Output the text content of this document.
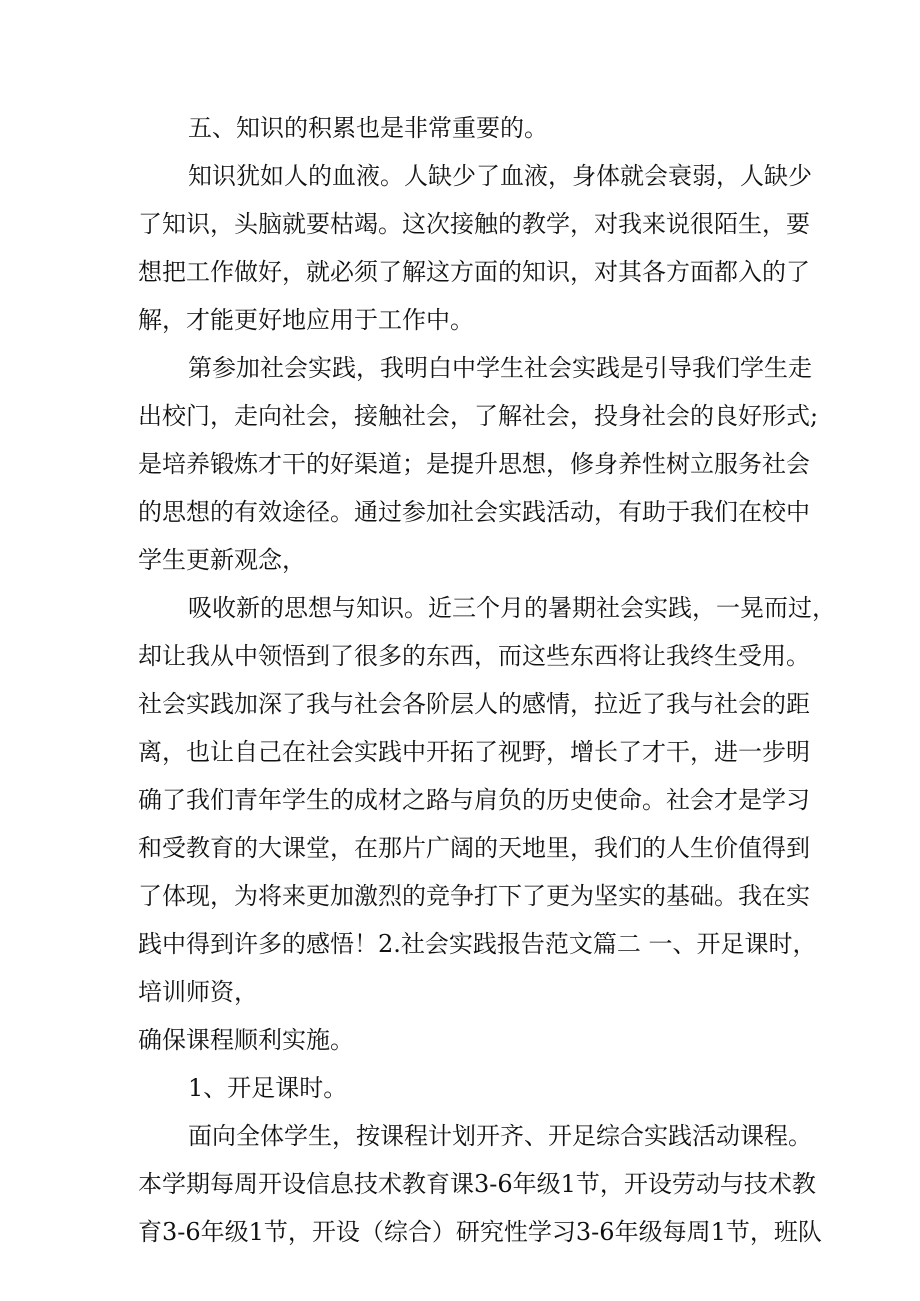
五、知识的积累也是非常重要的。

知识犹如人的血液。人缺少了血液，身体就会衰弱，人缺少

了知识，头脑就要枯竭。这次接触的教学，对我来说很陌生，要

想把工作做好，就必须了解这方面的知识，对其各方面都入的了

解，才能更好地应用于工作中。

第参加社会实践，我明白中学生社会实践是引导我们学生走

出校门，走向社会，接触社会，了解社会，投身社会的良好形式;

是培养锻炼才干的好渠道；是提升思想，修身养性树立服务社会

的思想的有效途径。通过参加社会实践活动，有助于我们在校中

学生更新观念，

吸收新的思想与知识。近三个月的暑期社会实践，一晃而过，

却让我从中领悟到了很多的东西，而这些东西将让我终生受用。

社会实践加深了我与社会各阶层人的感情，拉近了我与社会的距

离，也让自己在社会实践中开拓了视野，增长了才干，进一步明

确了我们青年学生的成材之路与肩负的历史使命。社会才是学习

和受教育的大课堂，在那片广阔的天地里，我们的人生价值得到

了体现，为将来更加激烈的竞争打下了更为坚实的基础。我在实

践中得到许多的感悟！2.社会实践报告范文篇二 一、开足课时，

培训师资，

确保课程顺利实施。

1、开足课时。

面向全体学生，按课程计划开齐、开足综合实践活动课程。

本学期每周开设信息技术教育课3-6年级1节，开设劳动与技术教

育3-6年级1节，开设（综合）研究性学习3-6年级每周1节，班队
